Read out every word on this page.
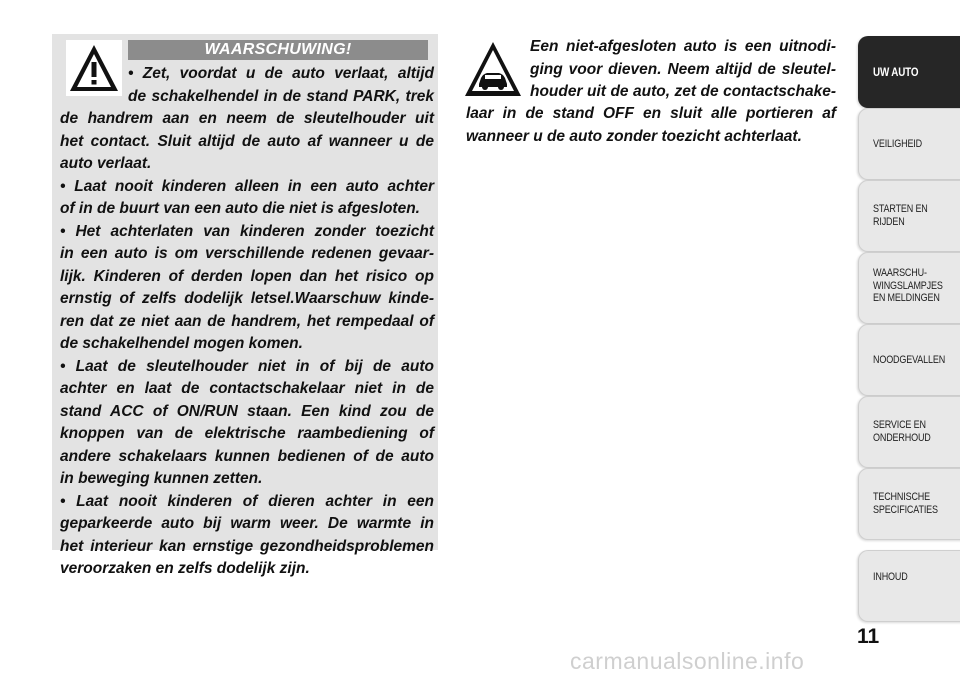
WAARSCHUWING!
• Zet, voordat u de auto verlaat, altijd
de schakelhendel in de stand PARK, trek
de handrem aan en neem de sleutelhouder uit
het contact. Sluit altijd de auto af wanneer u de
auto verlaat.
• Laat nooit kinderen alleen in een auto achter
of in de buurt van een auto die niet is afgesloten.
• Het achterlaten van kinderen zonder toezicht
in een auto is om verschillende redenen gevaar-
lijk. Kinderen of derden lopen dan het risico op
ernstig of zelfs dodelijk letsel.Waarschuw kinde-
ren dat ze niet aan de handrem, het rempedaal of
de schakelhendel mogen komen.
• Laat de sleutelhouder niet in of bij de auto
achter en laat de contactschakelaar niet in de
stand ACC of ON/RUN staan. Een kind zou de
knoppen van de elektrische raambediening of
andere schakelaars kunnen bedienen of de auto
in beweging kunnen zetten.
• Laat nooit kinderen of dieren achter in een
geparkeerde auto bij warm weer. De warmte in
het interieur kan ernstige gezondheidsproblemen
veroorzaken en zelfs dodelijk zijn.
Een niet-afgesloten auto is een uitnodi-
ging voor dieven. Neem altijd de sleutel-
houder uit de auto, zet de contactschake-
laar in de stand OFF en sluit alle portieren af
wanneer u de auto zonder toezicht achterlaat.
UW AUTO
VEILIGHEID
STARTEN EN
RIJDEN
WAARSCHU-
WINGSLAMPJES
EN MELDINGEN
NOODGEVALLEN
SERVICE EN
ONDERHOUD
TECHNISCHE
SPECIFICATIES
INHOUD
11
carmanualsonline.info
